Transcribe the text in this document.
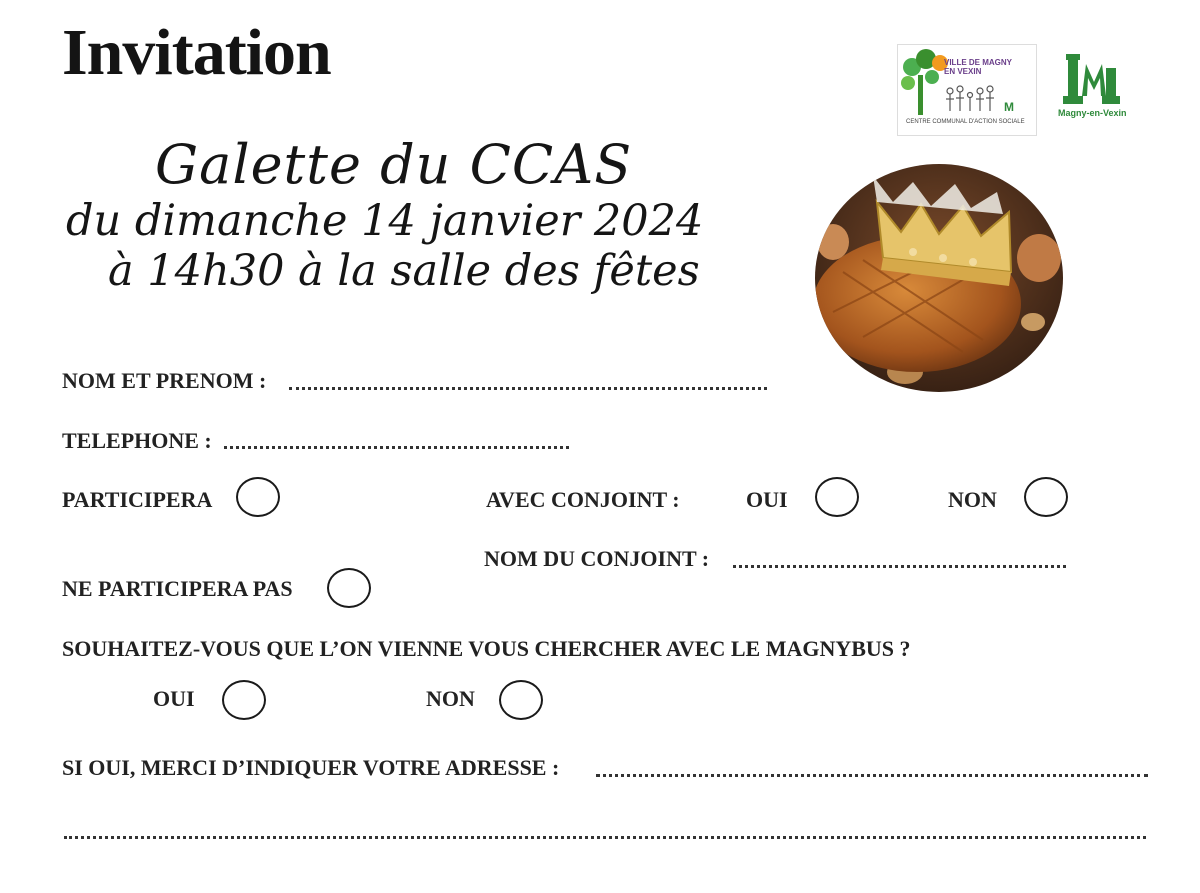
Invitation
Galette du CCAS
du dimanche 14 janvier 2024
à 14h30 à la salle des fêtes
M
VILLE DE MAGNY
EN VEXIN
CENTRE COMMUNAL D'ACTION SOCIALE
Magny-en-Vexin
NOM ET PRENOM :
TELEPHONE :
PARTICIPERA	AVEC CONJOINT :	OUI	NON
NOM DU CONJOINT :
NE PARTICIPERA PAS
SOUHAITEZ-VOUS QUE L’ON VIENNE VOUS CHERCHER AVEC LE MAGNYBUS ?
OUI	NON
SI OUI, MERCI D’INDIQUER VOTRE ADRESSE :
